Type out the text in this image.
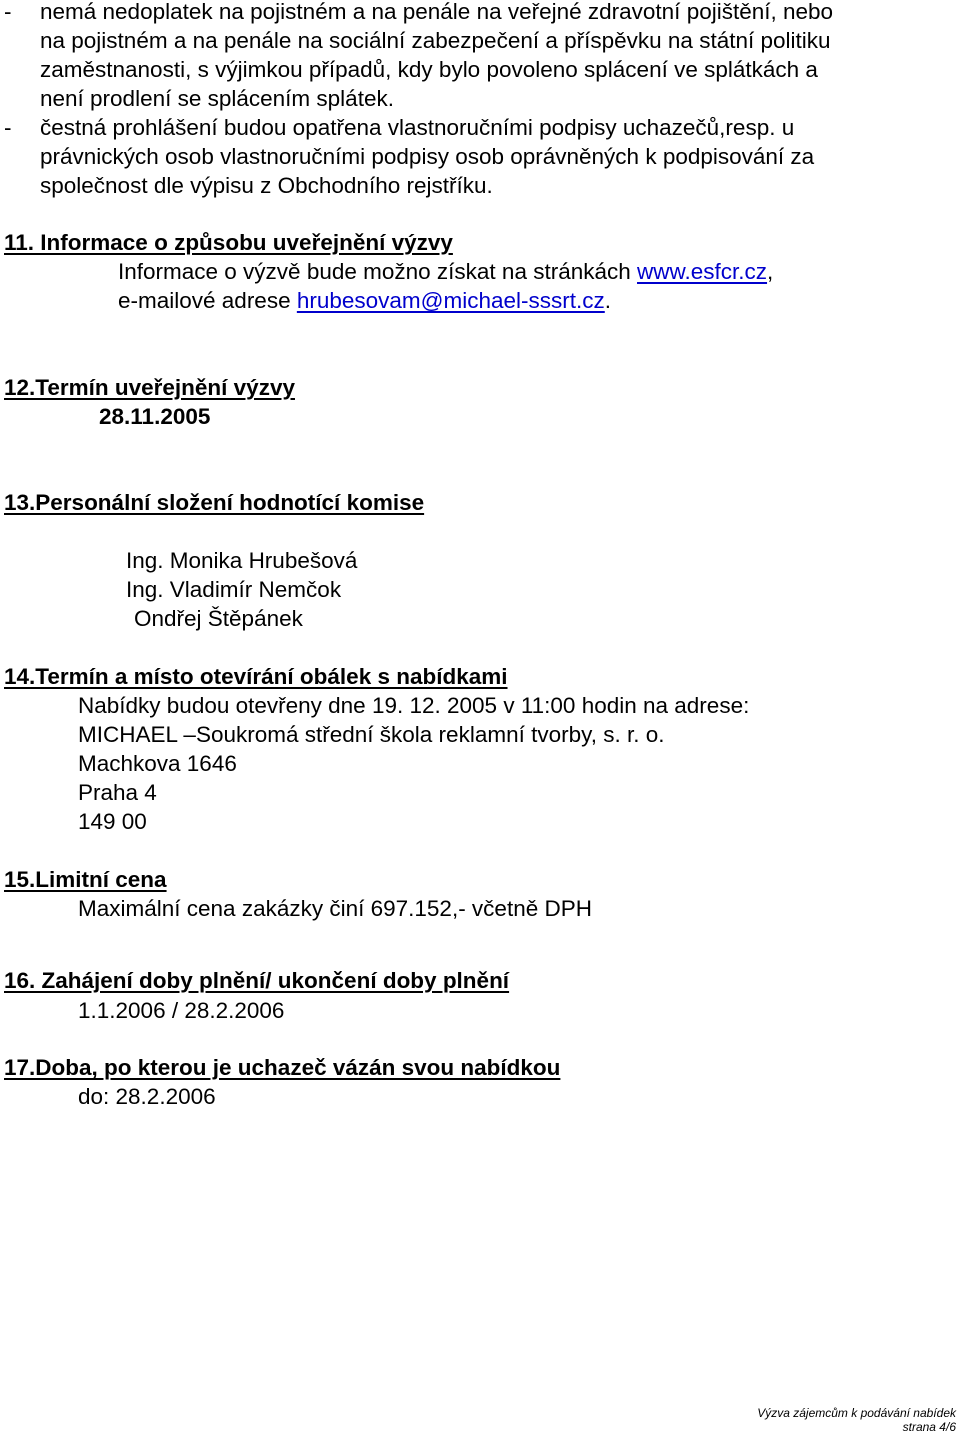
- nemá nedoplatek na pojistném a na penále na veřejné zdravotní pojištění, nebo
na pojistném a na penále na sociální zabezpečení a příspěvku na státní politiku
zaměstnanosti, s výjimkou případů, kdy bylo povoleno splácení ve splátkách a
není prodlení se splácením splátek.
- čestná prohlášení budou opatřena vlastnoručními podpisy uchazečů,resp. u
právnických osob vlastnoručními podpisy osob oprávněných k podpisování za
společnost dle výpisu z Obchodního rejstříku.
11. Informace o způsobu uveřejnění výzvy
Informace o výzvě bude možno získat na stránkách www.esfcr.cz,
e-mailové adrese hrubesovam@michael-sssrt.cz.
12.Termín uveřejnění výzvy
28.11.2005
13.Personální složení hodnotící komise
Ing. Monika Hrubešová
Ing. Vladimír Nemčok
Ondřej Štěpánek
14.Termín a místo otevírání obálek s nabídkami
Nabídky budou otevřeny dne 19. 12. 2005 v 11:00 hodin na adrese:
MICHAEL –Soukromá střední škola reklamní tvorby, s. r. o.
Machkova 1646
Praha 4
149 00
15.Limitní cena
Maximální cena zakázky činí 697.152,- včetně DPH
16. Zahájení doby plnění/ ukončení doby plnění
1.1.2006 / 28.2.2006
17.Doba, po kterou je uchazeč vázán svou nabídkou
do: 28.2.2006
Výzva zájemcům k podávání nabídek
strana 4/6
